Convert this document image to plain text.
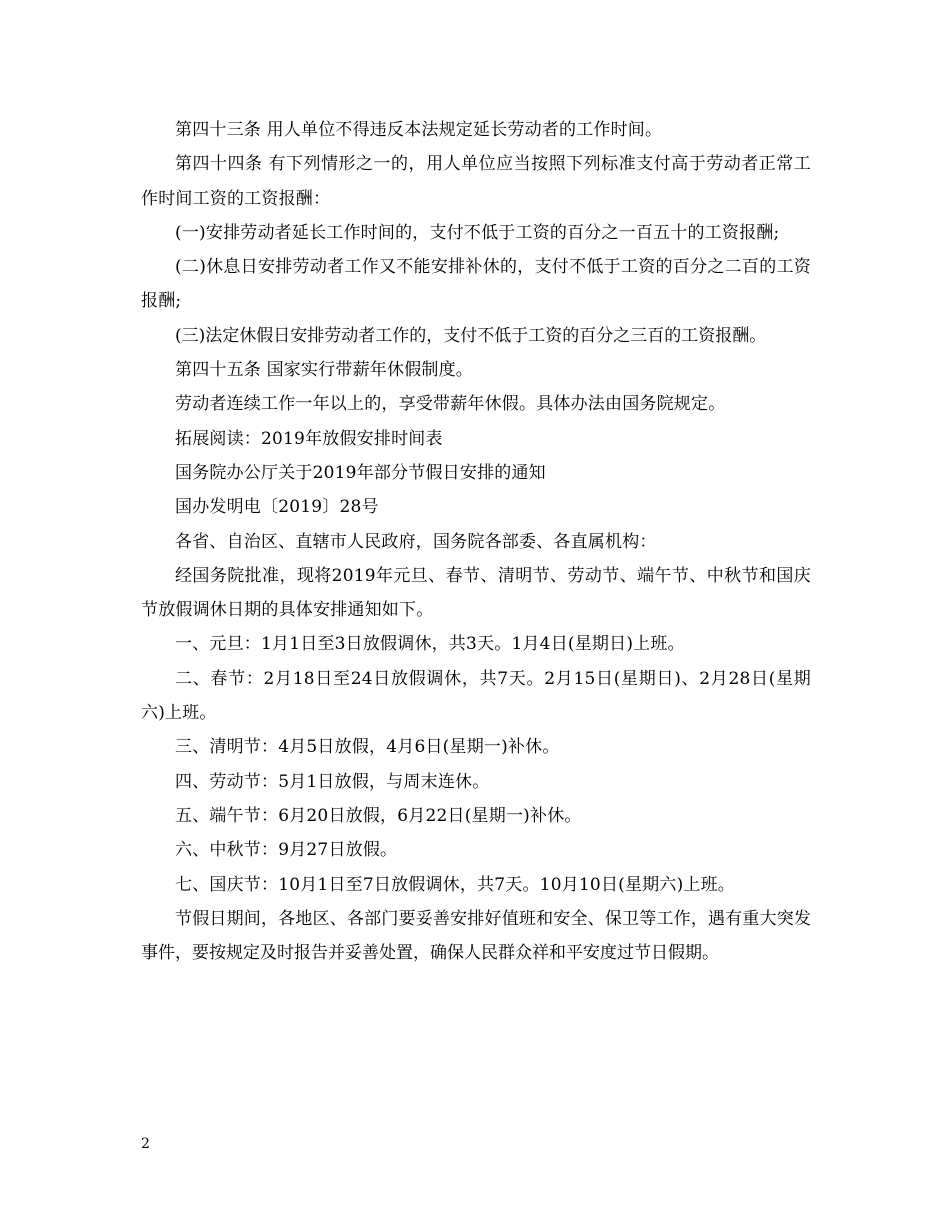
第四十三条 用人单位不得违反本法规定延长劳动者的工作时间。

第四十四条 有下列情形之一的，用人单位应当按照下列标准支付高于劳动者正常工作时间工资的工资报酬：

(一)安排劳动者延长工作时间的，支付不低于工资的百分之一百五十的工资报酬;

(二)休息日安排劳动者工作又不能安排补休的，支付不低于工资的百分之二百的工资报酬;

(三)法定休假日安排劳动者工作的，支付不低于工资的百分之三百的工资报酬。

第四十五条 国家实行带薪年休假制度。

劳动者连续工作一年以上的，享受带薪年休假。具体办法由国务院规定。

拓展阅读：2019年放假安排时间表

国务院办公厅关于2019年部分节假日安排的通知

国办发明电〔2019〕28号

各省、自治区、直辖市人民政府，国务院各部委、各直属机构：

经国务院批准，现将2019年元旦、春节、清明节、劳动节、端午节、中秋节和国庆节放假调休日期的具体安排通知如下。

一、元旦：1月1日至3日放假调休，共3天。1月4日(星期日)上班。

二、春节：2月18日至24日放假调休，共7天。2月15日(星期日)、2月28日(星期六)上班。

三、清明节：4月5日放假，4月6日(星期一)补休。

四、劳动节：5月1日放假，与周末连休。

五、端午节：6月20日放假，6月22日(星期一)补休。

六、中秋节：9月27日放假。

七、国庆节：10月1日至7日放假调休，共7天。10月10日(星期六)上班。

节假日期间，各地区、各部门要妥善安排好值班和安全、保卫等工作，遇有重大突发事件，要按规定及时报告并妥善处置，确保人民群众祥和平安度过节日假期。

2
